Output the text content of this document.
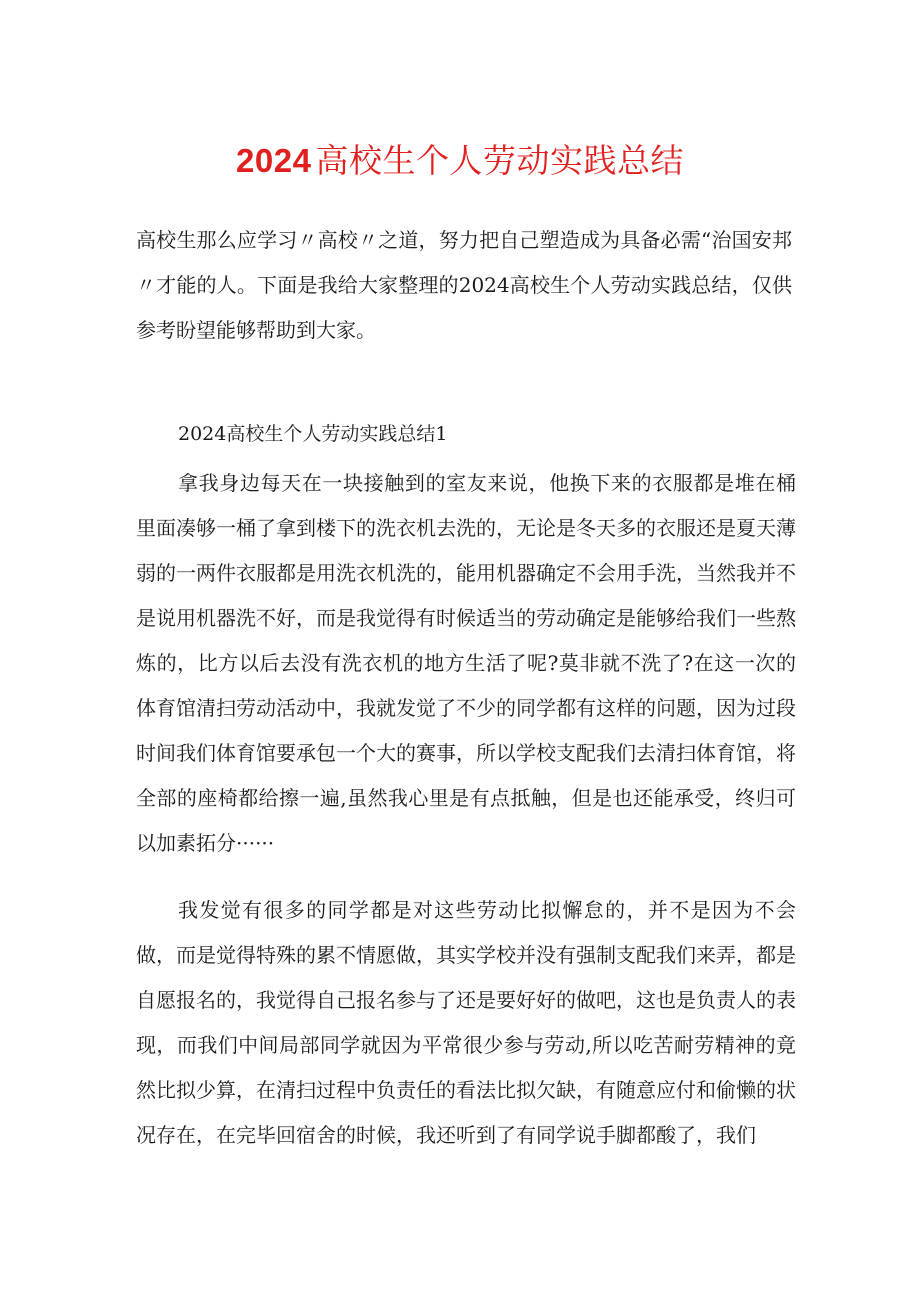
2024 高校生个人劳动实践总结

高校生那么应学习〃高校〃之道，努力把自己塑造成为具备必需“治国安邦〃才能的人。下面是我给大家整理的2024高校生个人劳动实践总结，仅供参考盼望能够帮助到大家。

2024高校生个人劳动实践总结1

拿我身边每天在一块接触到的室友来说，他换下来的衣服都是堆在桶里面凑够一桶了拿到楼下的洗衣机去洗的，无论是冬天多的衣服还是夏天薄弱的一两件衣服都是用洗衣机洗的，能用机器确定不会用手洗，当然我并不是说用机器洗不好，而是我觉得有时候适当的劳动确定是能够给我们一些熬炼的，比方以后去没有洗衣机的地方生活了呢?莫非就不洗了?在这一次的体育馆清扫劳动活动中，我就发觉了不少的同学都有这样的问题，因为过段时间我们体育馆要承包一个大的赛事，所以学校支配我们去清扫体育馆，将全部的座椅都给擦一遍,虽然我心里是有点抵触，但是也还能承受，终归可以加素拓分······

我发觉有很多的同学都是对这些劳动比拟懈怠的，并不是因为不会做，而是觉得特殊的累不情愿做，其实学校并没有强制支配我们来弄，都是自愿报名的，我觉得自己报名参与了还是要好好的做吧，这也是负责人的表现，而我们中间局部同学就因为平常很少参与劳动,所以吃苦耐劳精神的竟然比拟少算，在清扫过程中负责任的看法比拟欠缺，有随意应付和偷懒的状况存在，在完毕回宿舍的时候，我还听到了有同学说手脚都酸了，我们
